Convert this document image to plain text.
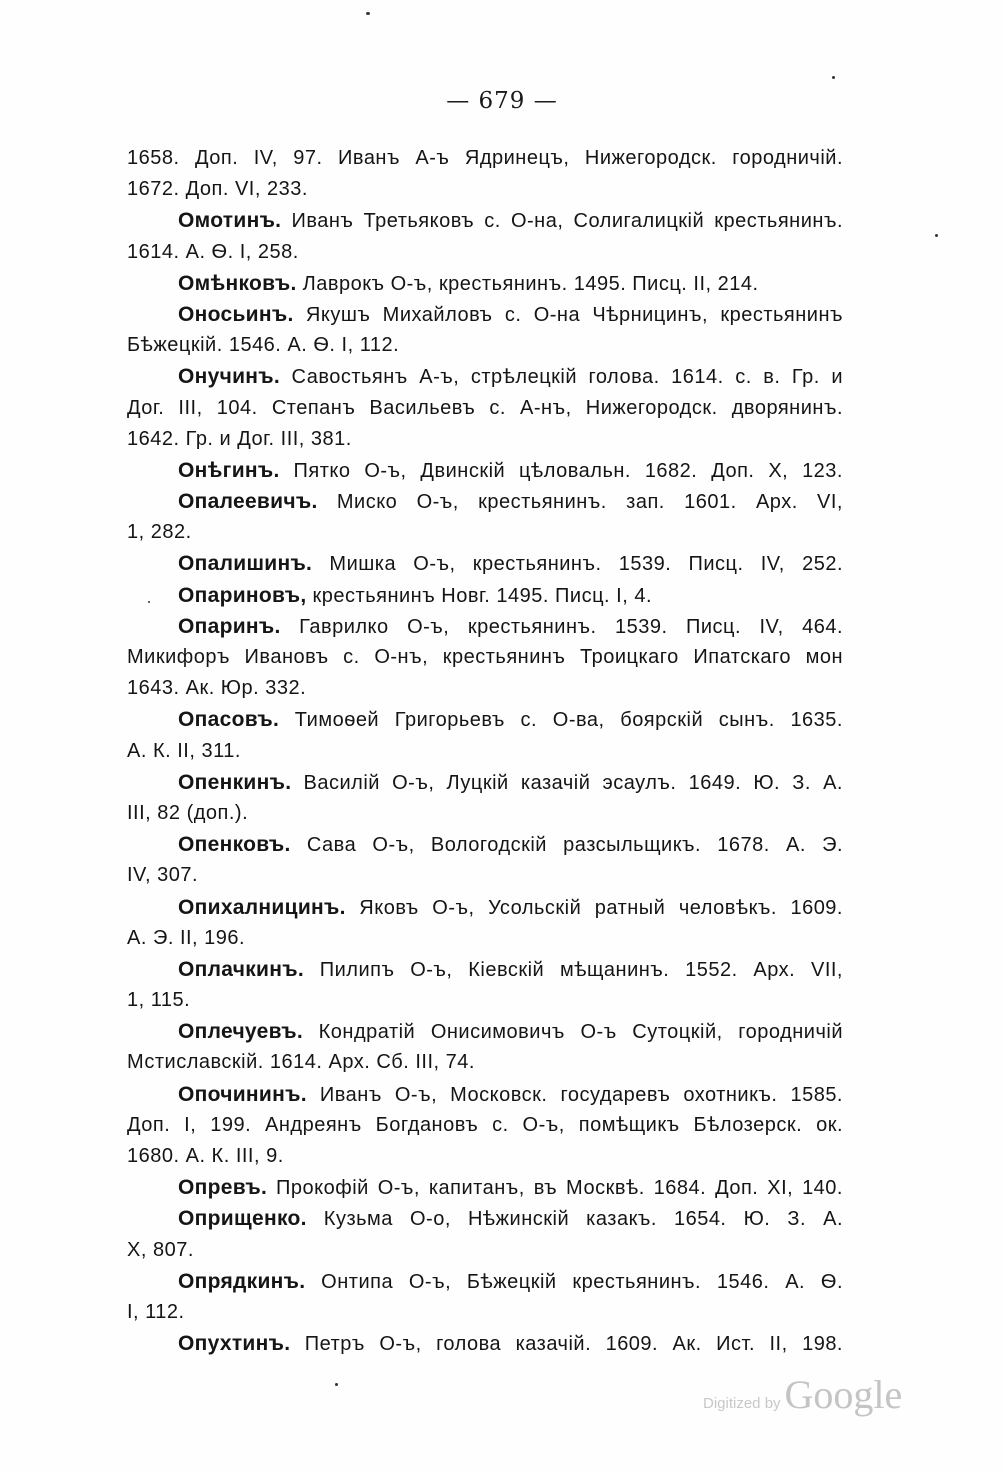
— 679 —
1658. Доп. IV, 97. Иванъ А-ъ Ядринецъ, Нижегородск. городничій.
1672. Доп. VI, 233.
Омотинъ. Иванъ Третьяковъ с. О-на, Солигалицкій крестьянинъ.
1614. А. Ѳ. I, 258.
Омѣнковъ. Лаврокъ О-ъ, крестьянинъ. 1495. Писц. II, 214.
Оносьинъ. Якушъ Михайловъ с. О-на Чѣрницинъ, крестьянинъ
Бѣжецкій. 1546. А. Ѳ. I, 112.
Онучинъ. Савостьянъ А-ъ, стрѣлецкій голова. 1614. с. в. Гр. и
Дог. III, 104. Степанъ Васильевъ с. А-нъ, Нижегородск. дворянинъ.
1642. Гр. и Дог. III, 381.
Онѣгинъ. Пятко О-ъ, Двинскій цѣловальн. 1682. Доп. X, 123.
Опалеевичъ. Миско О-ъ, крестьянинъ. зап. 1601. Арх. VI,
1, 282.
Опалишинъ. Мишка О-ъ, крестьянинъ. 1539. Писц. IV, 252.
Опариновъ, крестьянинъ Новг. 1495. Писц. I, 4.
Опаринъ. Гаврилко О-ъ, крестьянинъ. 1539. Писц. IV, 464.
Микифоръ Ивановъ с. О-нъ, крестьянинъ Троицкаго Ипатскаго мон
1643. Ак. Юр. 332.
Опасовъ. Тимоѳей Григорьевъ с. О-ва, боярскій сынъ. 1635.
А. К. II, 311.
Опенкинъ. Василій О-ъ, Луцкій казачій эсаулъ. 1649. Ю. З. А.
III, 82 (доп.).
Опенковъ. Сава О-ъ, Вологодскій разсыльщикъ. 1678. А. Э.
IV, 307.
Опихалницинъ. Яковъ О-ъ, Усольскій ратный человѣкъ. 1609.
А. Э. II, 196.
Оплачкинъ. Пилипъ О-ъ, Кіевскій мѣщанинъ. 1552. Арх. VII,
1, 115.
Оплечуевъ. Кондратій Онисимовичъ О-ъ Сутоцкій, городничій
Мстиславскій. 1614. Арх. Сб. III, 74.
Опочининъ. Иванъ О-ъ, Московск. государевъ охотникъ. 1585.
Доп. I, 199. Андреянъ Богдановъ с. О-ъ, помѣщикъ Бѣлозерск. ок.
1680. А. К. III, 9.
Опревъ. Прокофій О-ъ, капитанъ, въ Москвѣ. 1684. Доп. XI, 140.
Оприщенко. Кузьма О-о, Нѣжинскій казакъ. 1654. Ю. З. А.
X, 807.
Опрядкинъ. Онтипа О-ъ, Бѣжецкій крестьянинъ. 1546. А. Ѳ.
I, 112.
Опухтинъ. Петръ О-ъ, голова казачій. 1609. Ак. Ист. II, 198.
Digitized by Google
